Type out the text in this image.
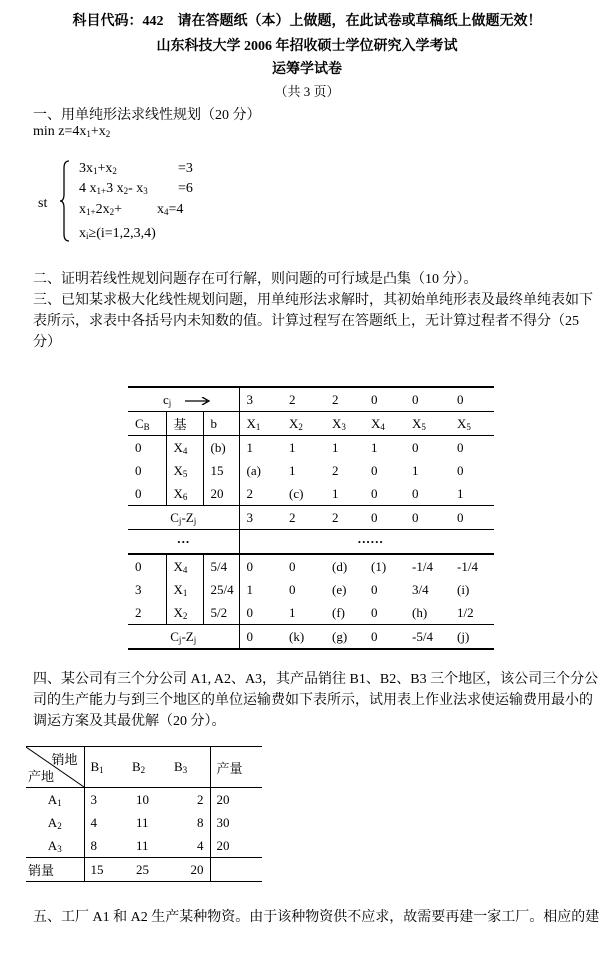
科目代码：442　请在答题纸（本）上做题，在此试卷或草稿纸上做题无效！
山东科技大学 2006 年招收硕士学位研究入学考试
运筹学试卷
（共 3 页）
一、用单纯形法求线性规划（20 分）
$\min z=4x_1+x_2$
st
$3x_1+x_2$	=3
4 $x_{1+}3$ $x_2-$ $x_3 =6$
$x_{1+}2x_2+$	$x_4=4$
$x_i\ge(i=1,2,3,4)$
二、证明若线性规划问题存在可行解，则问题的可行域是凸集（10 分）。
三、已知某求极大化线性规划问题，用单纯形法求解时，其初始单纯形表及最终单纯表如下
表所示，求表中各括号内未知数的值。计算过程写在答题纸上，无计算过程者不得分（25
分）
$c_j$			3	2	2	0	0	0
$C_B$	基	b	$X_1$	$X_2$	$X_3$	$X_4$	$X_5$	$X_5$
0	$X_4$	(b)	1	1	1	1	0	0
0	$X_5$	15	(a)	1	2	0	1	0
0	$X_6$	20	2	(c)	1	0	0	1
$C_j-Z_j$			3	2	2	0	0	0
···			······					
0	$X_4$	5/4	0	0	(d)	(1)	-1/4	-1/4
3	$X_1$	25/4	1	0	(e)	0	3/4	(i)
2	$X_2$	5/2	0	1	(f)	0	(h)	1/2
$C_j-Z_j$			0	(k)	(g)	0	-5/4	(j)
四、某公司有三个分公司 A1, A2、A3，其产品销往 B1、B2、B3 三个地区，该公司三个分公
司的生产能力与到三个地区的单位运输费如下表所示，试用表上作业法求使运输费用最小的
调运方案及其最优解（20 分）。
销地
产地	$B_1$	$B_2$	$B_3$	产量
$A_1$	3	10	2	20
$A_2$	4	11	8	30
$A_3$	8	11	4	20
销量	15	25	20	
五、工厂 A1 和 A2 生产某种物资。由于该种物资供不应求，故需要再建一家工厂。相应的建
